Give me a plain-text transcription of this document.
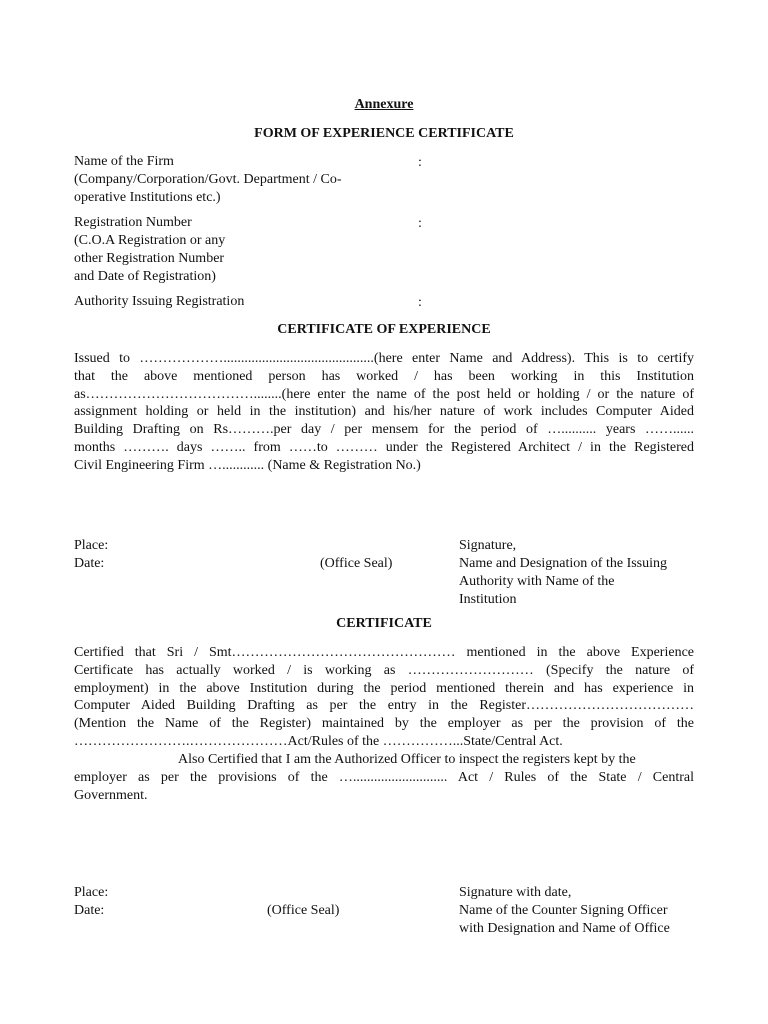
Annexure
FORM OF EXPERIENCE CERTIFICATE
Name of the Firm
(Company/Corporation/Govt. Department / Co-
operative Institutions etc.)
:
Registration Number
(C.O.A Registration or any
other Registration Number
and Date of Registration)
:
Authority Issuing Registration	:
CERTIFICATE OF EXPERIENCE
Issued to ………………...........................................(here enter Name and Address). This is to certify
that the above mentioned person has worked / has been working in this Institution
as………………………………........(here enter the name of the post held or holding / or the nature of
assignment holding or held in the institution) and his/her nature of work includes Computer Aided
Building Drafting on Rs……….per day / per mensem for the period of ….......... years ……......
months ………. days …….. from ……to ……… under the Registered Architect / in the Registered
Civil Engineering Firm …............ (Name & Registration No.)
Place:
Date:	(Office Seal)
Signature,
Name and Designation of the Issuing
Authority with Name of the
Institution
CERTIFICATE
Certified that Sri / Smt………………………………………… mentioned in the above Experience
Certificate has actually worked / is working as ……………………… (Specify the nature of
employment) in the above Institution during the period mentioned therein and has experience in
Computer Aided Building Drafting as per the entry in the Register………………………………
(Mention the Name of the Register) maintained by the employer as per the provision of the
…………………….…………………Act/Rules of the ……………...State/Central Act.
Also Certified that I am the Authorized Officer to inspect the registers kept by the
employer as per the provisions of the …........................... Act / Rules of the State / Central
Government.
Place:
Date:	(Office Seal)
Signature with date,
Name of the Counter Signing Officer
with Designation and Name of Office
